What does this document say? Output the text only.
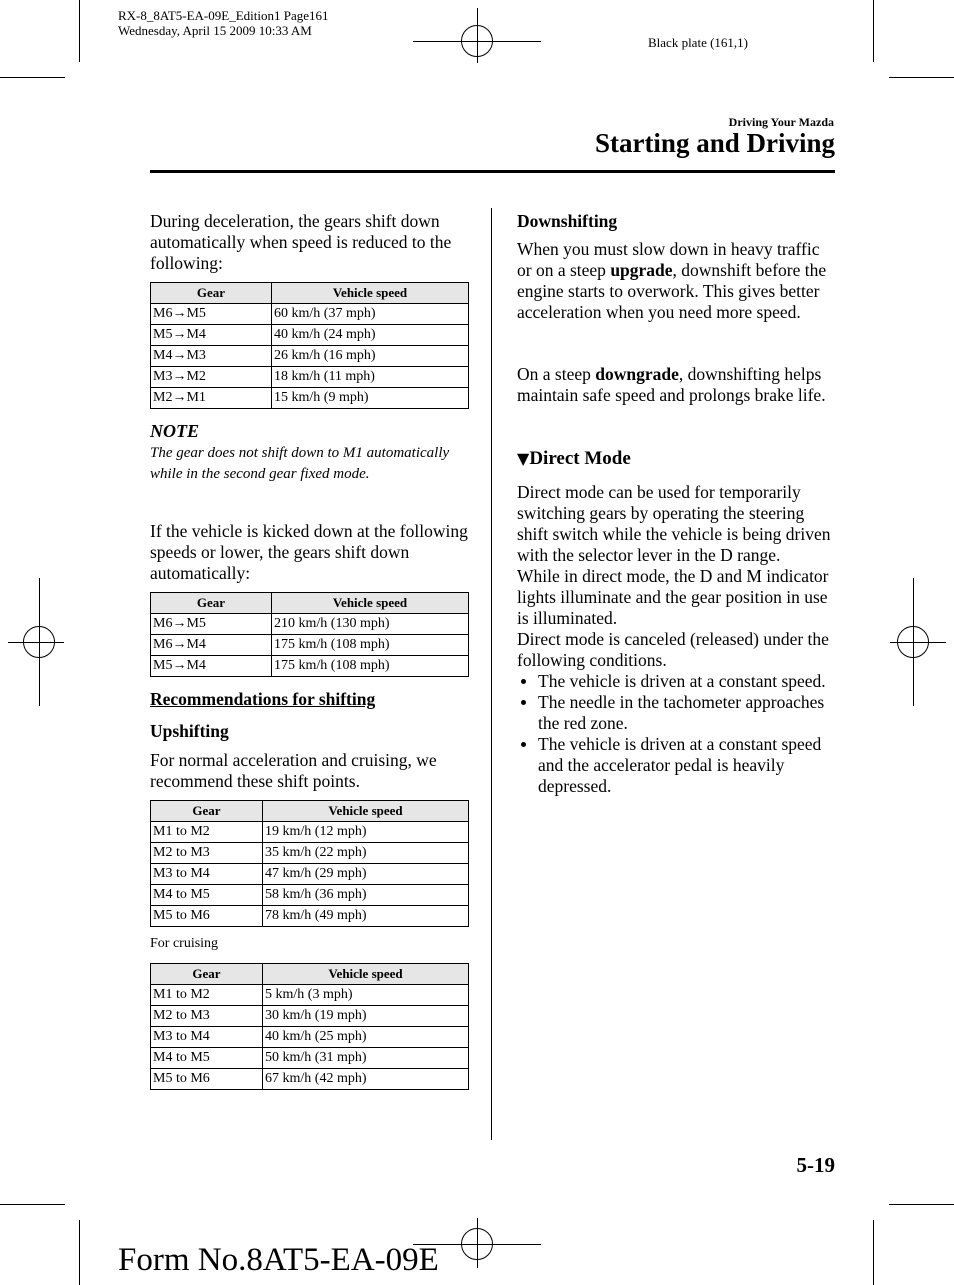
RX-8_8AT5-EA-09E_Edition1 Page161
Wednesday, April 15 2009 10:33 AM
Black plate (161,1)
Driving Your Mazda
Starting and Driving
During deceleration, the gears shift down automatically when speed is reduced to the following:
Gear	Vehicle speed
M6→M5	60 km/h (37 mph)
M5→M4	40 km/h (24 mph)
M4→M3	26 km/h (16 mph)
M3→M2	18 km/h (11 mph)
M2→M1	15 km/h (9 mph)
NOTE
The gear does not shift down to M1 automatically while in the second gear fixed mode.
If the vehicle is kicked down at the following speeds or lower, the gears shift down automatically:
Gear	Vehicle speed
M6→M5	210 km/h (130 mph)
M6→M4	175 km/h (108 mph)
M5→M4	175 km/h (108 mph)
Recommendations for shifting
Upshifting
For normal acceleration and cruising, we recommend these shift points.
Gear	Vehicle speed
M1 to M2	19 km/h (12 mph)
M2 to M3	35 km/h (22 mph)
M3 to M4	47 km/h (29 mph)
M4 to M5	58 km/h (36 mph)
M5 to M6	78 km/h (49 mph)
For cruising
Gear	Vehicle speed
M1 to M2	5 km/h (3 mph)
M2 to M3	30 km/h (19 mph)
M3 to M4	40 km/h (25 mph)
M4 to M5	50 km/h (31 mph)
M5 to M6	67 km/h (42 mph)
Downshifting
When you must slow down in heavy traffic or on a steep upgrade, downshift before the engine starts to overwork. This gives better acceleration when you need more speed.
On a steep downgrade, downshifting helps maintain safe speed and prolongs brake life.
▼Direct Mode
Direct mode can be used for temporarily switching gears by operating the steering shift switch while the vehicle is being driven with the selector lever in the D range.
While in direct mode, the D and M indicator lights illuminate and the gear position in use is illuminated.
Direct mode is canceled (released) under the following conditions.
The vehicle is driven at a constant speed.
The needle in the tachometer approaches the red zone.
The vehicle is driven at a constant speed and the accelerator pedal is heavily depressed.
5-19
Form No.8AT5-EA-09E
